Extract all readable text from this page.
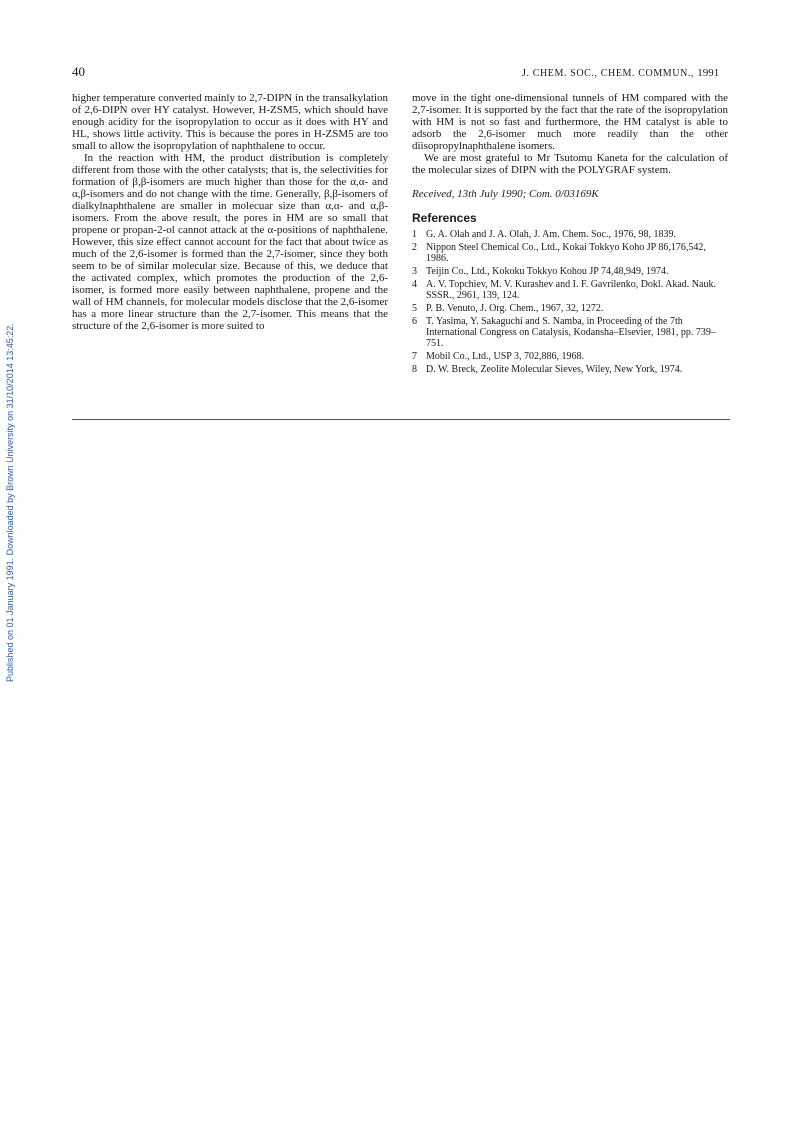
40	J. CHEM. SOC., CHEM. COMMUN., 1991
Published on 01 January 1991. Downloaded by Brown University on 31/10/2014 13:45:22.

higher temperature converted mainly to 2,7-DIPN in the transalkylation of 2,6-DIPN over HY catalyst. However, H-ZSM5, which should have enough acidity for the isopropylation to occur as it does with HY and HL, shows little activity. This is because the pores in H-ZSM5 are too small to allow the isopropylation of naphthalene to occur.

In the reaction with HM, the product distribution is completely different from those with the other catalysts; that is, the selectivities for formation of β,β-isomers are much higher than those for the α,α- and α,β-isomers and do not change with the time. Generally, β,β-isomers of dialkylnaphthalene are smaller in molecuar size than α,α- and α,β-isomers. From the above result, the pores in HM are so small that propene or propan-2-ol cannot attack at the α-positions of naphthalene. However, this size effect cannot account for the fact that about twice as much of the 2,6-isomer is formed than the 2,7-isomer, since they both seem to be of similar molecular size. Because of this, we deduce that the activated complex, which promotes the production of the 2,6-isomer, is formed more easily between naphthalene, propene and the wall of HM channels, for molecular models disclose that the 2,6-isomer has a more linear structure than the 2,7-isomer. This means that the structure of the 2,6-isomer is more suited to

move in the tight one-dimensional tunnels of HM compared with the 2,7-isomer. It is supported by the fact that the rate of the isopropylation with HM is not so fast and furthermore, the HM catalyst is able to adsorb the 2,6-isomer much more readily than the other diisopropylnaphthalene isomers.

We are most grateful to Mr Tsutomu Kaneta for the calculation of the molecular sizes of DIPN with the POLYGRAF system.

Received, 13th July 1990; Com. 0/03169K

References
1 G. A. Olah and J. A. Olah, J. Am. Chem. Soc., 1976, 98, 1839.
2 Nippon Steel Chemical Co., Ltd., Kokai Tokkyo Koho JP 86,176,542, 1986.
3 Teijin Co., Ltd., Kokoku Tokkyo Kohou JP 74,48,949, 1974.
4 A. V. Topchiev, M. V. Kurashev and I. F. Gavrilenko, Dokl. Akad. Nauk. SSSR., 2961, 139, 124.
5 P. B. Venuto, J. Org. Chem., 1967, 32, 1272.
6 T. Yasima, Y. Sakaguchi and S. Namba, in Proceeding of the 7th International Congress on Catalysis, Kodansha–Elsevier, 1981, pp. 739–751.
7 Mobil Co., Ltd., USP 3, 702,886, 1968.
8 D. W. Breck, Zeolite Molecular Sieves, Wiley, New York, 1974.
